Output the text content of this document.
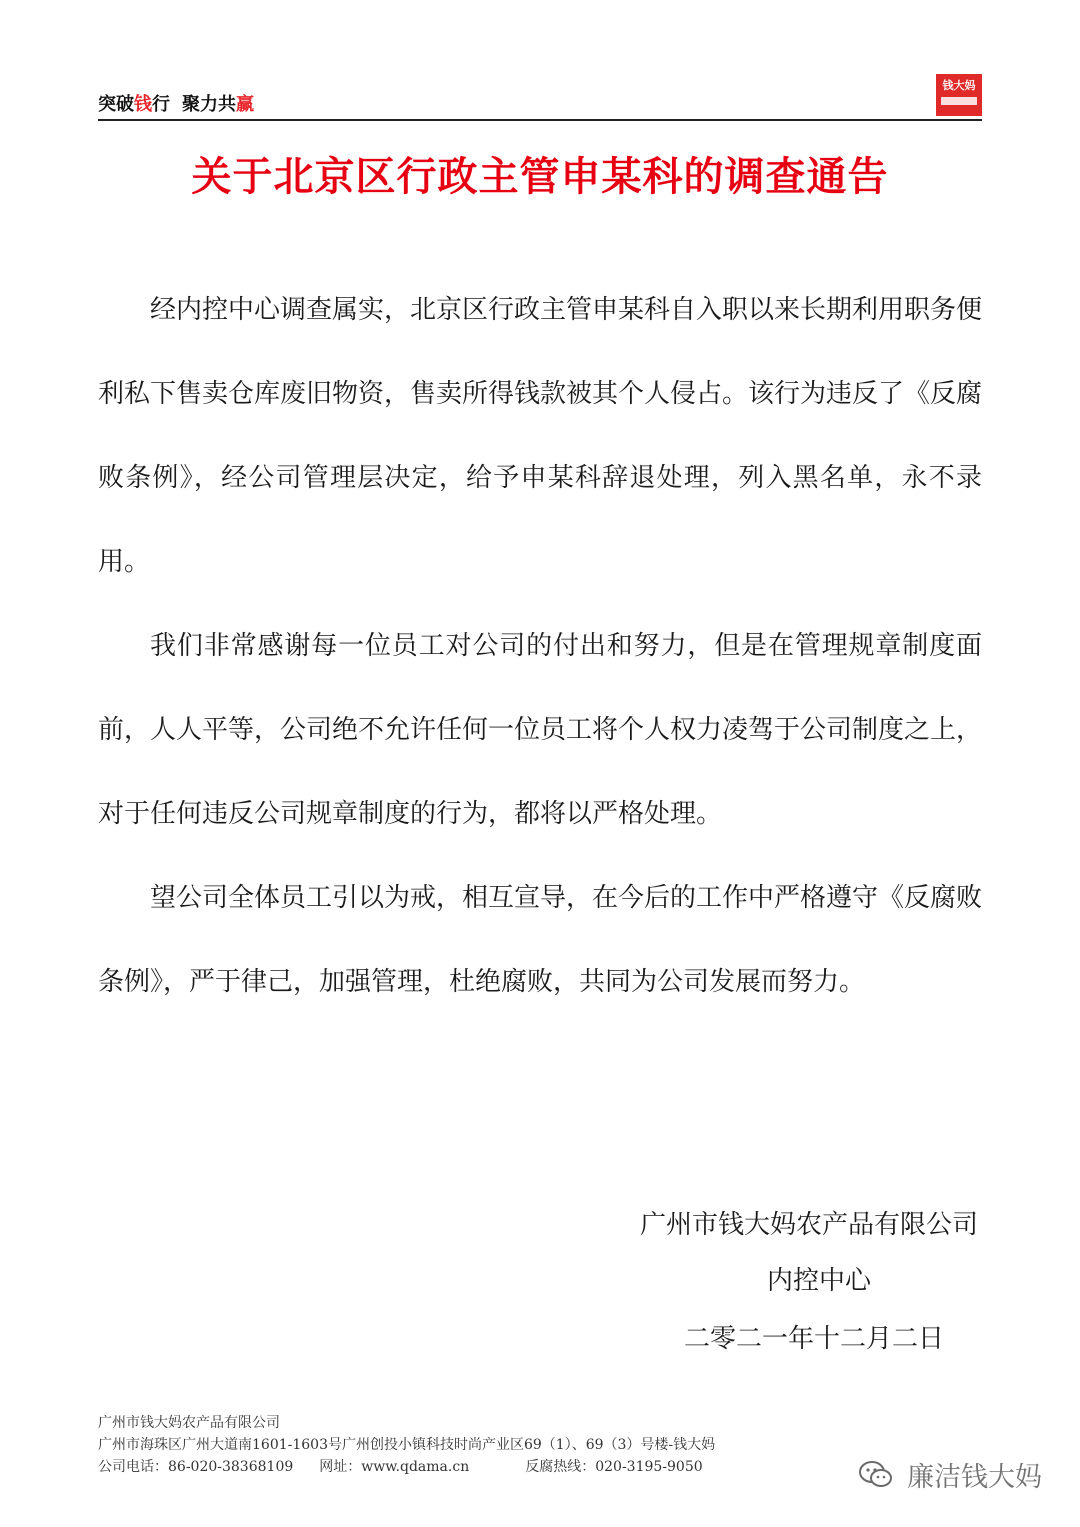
突破钱行 聚力共赢
钱大妈
关于北京区行政主管申某科的调查通告

经内控中心调查属实，北京区行政主管申某科自入职以来长期利用职务便利私下售卖仓库废旧物资，售卖所得钱款被其个人侵占。该行为违反了《反腐败条例》，经公司管理层决定，给予申某科辞退处理，列入黑名单，永不录用。

我们非常感谢每一位员工对公司的付出和努力，但是在管理规章制度面前，人人平等，公司绝不允许任何一位员工将个人权力凌驾于公司制度之上，对于任何违反公司规章制度的行为，都将以严格处理。

望公司全体员工引以为戒，相互宣导，在今后的工作中严格遵守《反腐败条例》，严于律己，加强管理，杜绝腐败，共同为公司发展而努力。

广州市钱大妈农产品有限公司
内控中心
二零二一年十二月二日
广州市钱大妈农产品有限公司
广州市海珠区广州大道南1601-1603号广州创投小镇科技时尚产业区69（1）、69（3）号楼-钱大妈
公司电话：86-020-38368109 网址：www.qdama.cn	反腐热线：020-3195-9050	廉洁钱大妈
